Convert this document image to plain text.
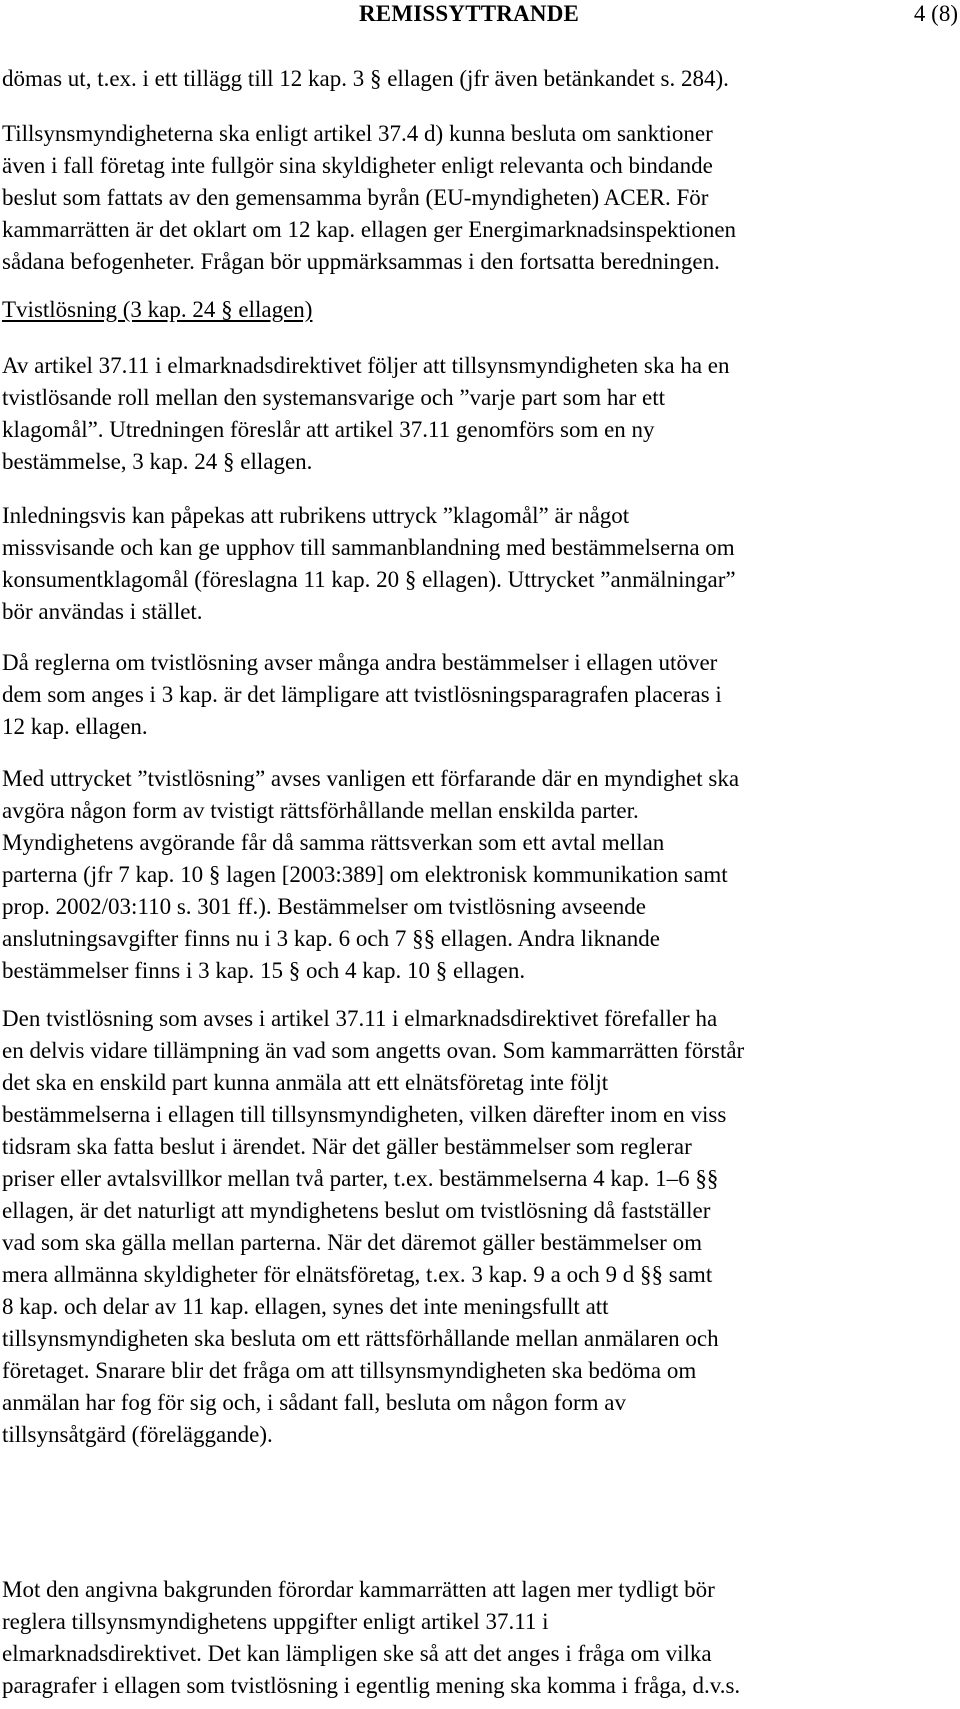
REMISSYTTRANDE	4 (8)
dömas ut, t.ex. i ett tillägg till 12 kap. 3 § ellagen (jfr även betänkandet s. 284).
Tillsynsmyndigheterna ska enligt artikel 37.4 d) kunna besluta om sanktioner
även i fall företag inte fullgör sina skyldigheter enligt relevanta och bindande
beslut som fattats av den gemensamma byrån (EU-myndigheten) ACER. För
kammarrätten är det oklart om 12 kap. ellagen ger Energimarknadsinspektionen
sådana befogenheter. Frågan bör uppmärksammas i den fortsatta beredningen.
Tvistlösning (3 kap. 24 § ellagen)
Av artikel 37.11 i elmarknadsdirektivet följer att tillsynsmyndigheten ska ha en
tvistlösande roll mellan den systemansvarige och ”varje part som har ett
klagomål”. Utredningen föreslår att artikel 37.11 genomförs som en ny
bestämmelse, 3 kap. 24 § ellagen.
Inledningsvis kan påpekas att rubrikens uttryck ”klagomål” är något
missvisande och kan ge upphov till sammanblandning med bestämmelserna om
konsumentklagomål (föreslagna 11 kap. 20 § ellagen). Uttrycket ”anmälningar”
bör användas i stället.
Då reglerna om tvistlösning avser många andra bestämmelser i ellagen utöver
dem som anges i 3 kap. är det lämpligare att tvistlösningsparagrafen placeras i
12 kap. ellagen.
Med uttrycket ”tvistlösning” avses vanligen ett förfarande där en myndighet ska
avgöra någon form av tvistigt rättsförhållande mellan enskilda parter.
Myndighetens avgörande får då samma rättsverkan som ett avtal mellan
parterna (jfr 7 kap. 10 § lagen [2003:389] om elektronisk kommunikation samt
prop. 2002/03:110 s. 301 ff.). Bestämmelser om tvistlösning avseende
anslutningsavgifter finns nu i 3 kap. 6 och 7 §§ ellagen. Andra liknande
bestämmelser finns i 3 kap. 15 § och 4 kap. 10 § ellagen.
Den tvistlösning som avses i artikel 37.11 i elmarknadsdirektivet förefaller ha
en delvis vidare tillämpning än vad som angetts ovan. Som kammarrätten förstår
det ska en enskild part kunna anmäla att ett elnätsföretag inte följt
bestämmelserna i ellagen till tillsynsmyndigheten, vilken därefter inom en viss
tidsram ska fatta beslut i ärendet. När det gäller bestämmelser som reglerar
priser eller avtalsvillkor mellan två parter, t.ex. bestämmelserna 4 kap. 1–6 §§
ellagen, är det naturligt att myndighetens beslut om tvistlösning då fastställer
vad som ska gälla mellan parterna. När det däremot gäller bestämmelser om
mera allmänna skyldigheter för elnätsföretag, t.ex. 3 kap. 9 a och 9 d §§ samt
8 kap. och delar av 11 kap. ellagen, synes det inte meningsfullt att
tillsynsmyndigheten ska besluta om ett rättsförhållande mellan anmälaren och
företaget. Snarare blir det fråga om att tillsynsmyndigheten ska bedöma om
anmälan har fog för sig och, i sådant fall, besluta om någon form av
tillsynsåtgärd (föreläggande).
Mot den angivna bakgrunden förordar kammarrätten att lagen mer tydligt bör
reglera tillsynsmyndighetens uppgifter enligt artikel 37.11 i
elmarknadsdirektivet. Det kan lämpligen ske så att det anges i fråga om vilka
paragrafer i ellagen som tvistlösning i egentlig mening ska komma i fråga, d.v.s.
